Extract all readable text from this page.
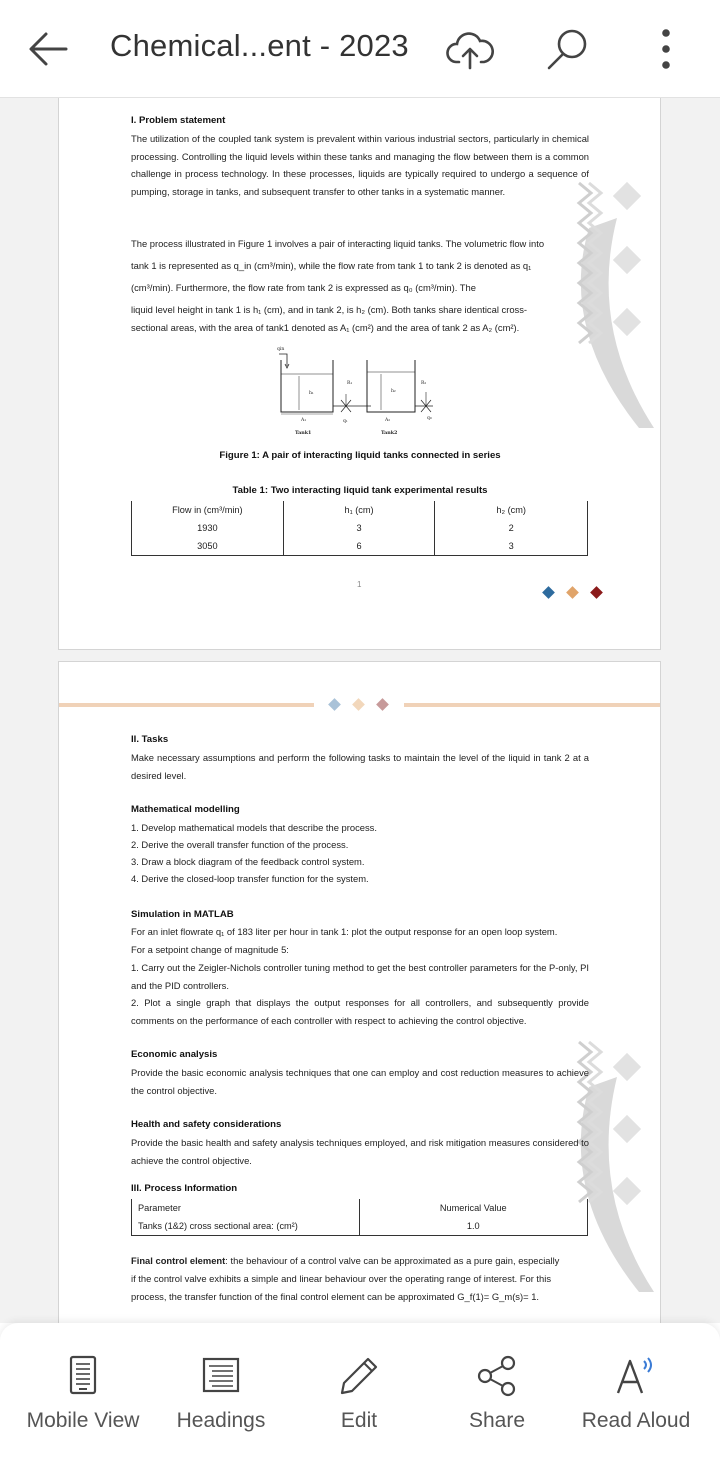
Chemical...ent - 2023
I. Problem statement
The utilization of the coupled tank system is prevalent within various industrial sectors, particularly in chemical processing. Controlling the liquid levels within these tanks and managing the flow between them is a common challenge in process technology. In these processes, liquids are typically required to undergo a sequence of pumping, storage in tanks, and subsequent transfer to other tanks in a systematic manner.
The process illustrated in Figure 1 involves a pair of interacting liquid tanks. The volumetric flow into
tank 1 is represented as q_in (cm³/min), while the flow rate from tank 1 to tank 2 is denoted as q₁
(cm³/min). Furthermore, the flow rate from tank 2 is expressed as q₀ (cm³/min). The
liquid level height in tank 1 is h₁ (cm), and in tank 2, is h₂ (cm). Both tanks share identical cross-
sectional areas, with the area of tank1 denoted as A₁ (cm²) and the area of tank 2 as A₂ (cm²).
qin
h₁
R₁
q₁
h₂
R₂
q₀
A₁	A₂
Tank1	Tank2
Figure 1: A pair of interacting liquid tanks connected in series
Table 1: Two interacting liquid tank experimental results
Flow in (cm³/min)	h₁ (cm)	h₂ (cm)
1930	3	2
3050	6	3
1
II. Tasks
Make necessary assumptions and perform the following tasks to maintain the level of the liquid in tank 2 at a desired level.
Mathematical modelling
1. Develop mathematical models that describe the process.
2. Derive the overall transfer function of the process.
3. Draw a block diagram of the feedback control system.
4. Derive the closed-loop transfer function for the system.
Simulation in MATLAB
For an inlet flowrate q₁ of 183 liter per hour in tank 1: plot the output response for an open loop system.
For a setpoint change of magnitude 5:
1. Carry out the Zeigler-Nichols controller tuning method to get the best controller parameters for the P-only, PI and the PID controllers.
2. Plot a single graph that displays the output responses for all controllers, and subsequently provide comments on the performance of each controller with respect to achieving the control objective.
Economic analysis
Provide the basic economic analysis techniques that one can employ and cost reduction measures to achieve the control objective.
Health and safety considerations
Provide the basic health and safety analysis techniques employed, and risk mitigation measures considered to achieve the control objective.
III. Process Information
Parameter	Numerical Value
Tanks (1&2) cross sectional area: (cm²)	1.0
Final control element: the behaviour of a control valve can be approximated as a pure gain, especially
if the control valve exhibits a simple and linear behaviour over the operating range of interest. For this
process, the transfer function of the final control element can be approximated G_f(1)= G_m(s)= 1.
Mobile View	Headings	Edit	Share	Read Aloud
